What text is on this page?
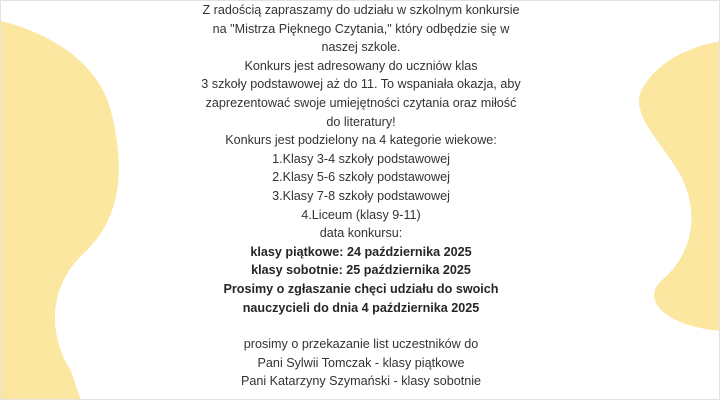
Z radością zapraszamy do udziału w szkolnym konkursie
na "Mistrza Pięknego Czytania," który odbędzie się w
naszej szkole.
Konkurs jest adresowany do uczniów klas
3 szkoły podstawowej aż do 11. To wspaniała okazja, aby
zaprezentować swoje umiejętności czytania oraz miłość
do literatury!
Konkurs jest podzielony na 4 kategorie wiekowe:
1.Klasy 3-4 szkoły podstawowej
2.Klasy 5-6 szkoły podstawowej
3.Klasy 7-8 szkoły podstawowej
4.Liceum (klasy 9-11)
data konkursu:
klasy piątkowe: 24 października 2025
klasy sobotnie: 25 października 2025
Prosimy o zgłaszanie chęci udziału do swoich
nauczycieli do dnia 4 października 2025
prosimy o przekazanie list uczestników do
Pani Sylwii Tomczak - klasy piątkowe
Pani Katarzyny Szymański - klasy sobotnie
